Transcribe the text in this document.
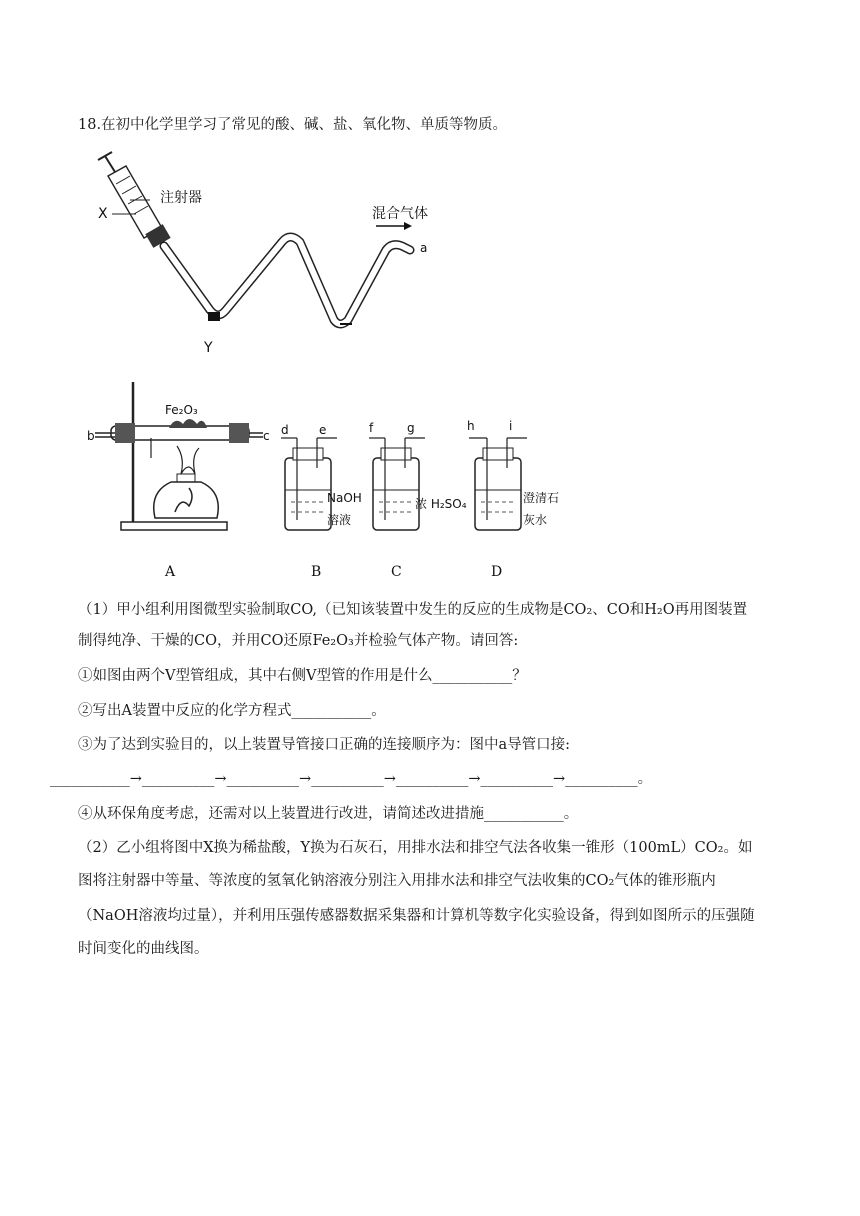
18.在初中化学里学习了常见的酸、碱、盐、氧化物、单质等物质。
注射器
X
Y
混合气体
a
Fe₂O₃
b	c d	e	f	g	h	i
NaOH
溶液
浓 H₂SO₄	澄清石
灰水
A	B	C	D
（1）甲小组利用图微型实验制取CO,（已知该装置中发生的反应的生成物是CO₂、CO和H₂O再用图装置
制得纯净、干燥的CO，并用CO还原Fe₂O₃并检验气体产物。请回答:
①如图由两个V型管组成，其中右侧V型管的作用是什么___________？
②写出A装置中反应的化学方程式___________。
③为了达到实验目的，以上装置导管接口正确的连接顺序为：图中a导管口接:
___________→__________→__________→__________→__________→__________→__________。
④从环保角度考虑，还需对以上装置进行改进，请简述改进措施___________。
（2）乙小组将图中X换为稀盐酸，Y换为石灰石，用排水法和排空气法各收集一锥形（100mL）CO₂。如
图将注射器中等量、等浓度的氢氧化钠溶液分别注入用排水法和排空气法收集的CO₂气体的锥形瓶内
（NaOH溶液均过量），并利用压强传感器数据采集器和计算机等数字化实验设备，得到如图所示的压强随
时间变化的曲线图。
